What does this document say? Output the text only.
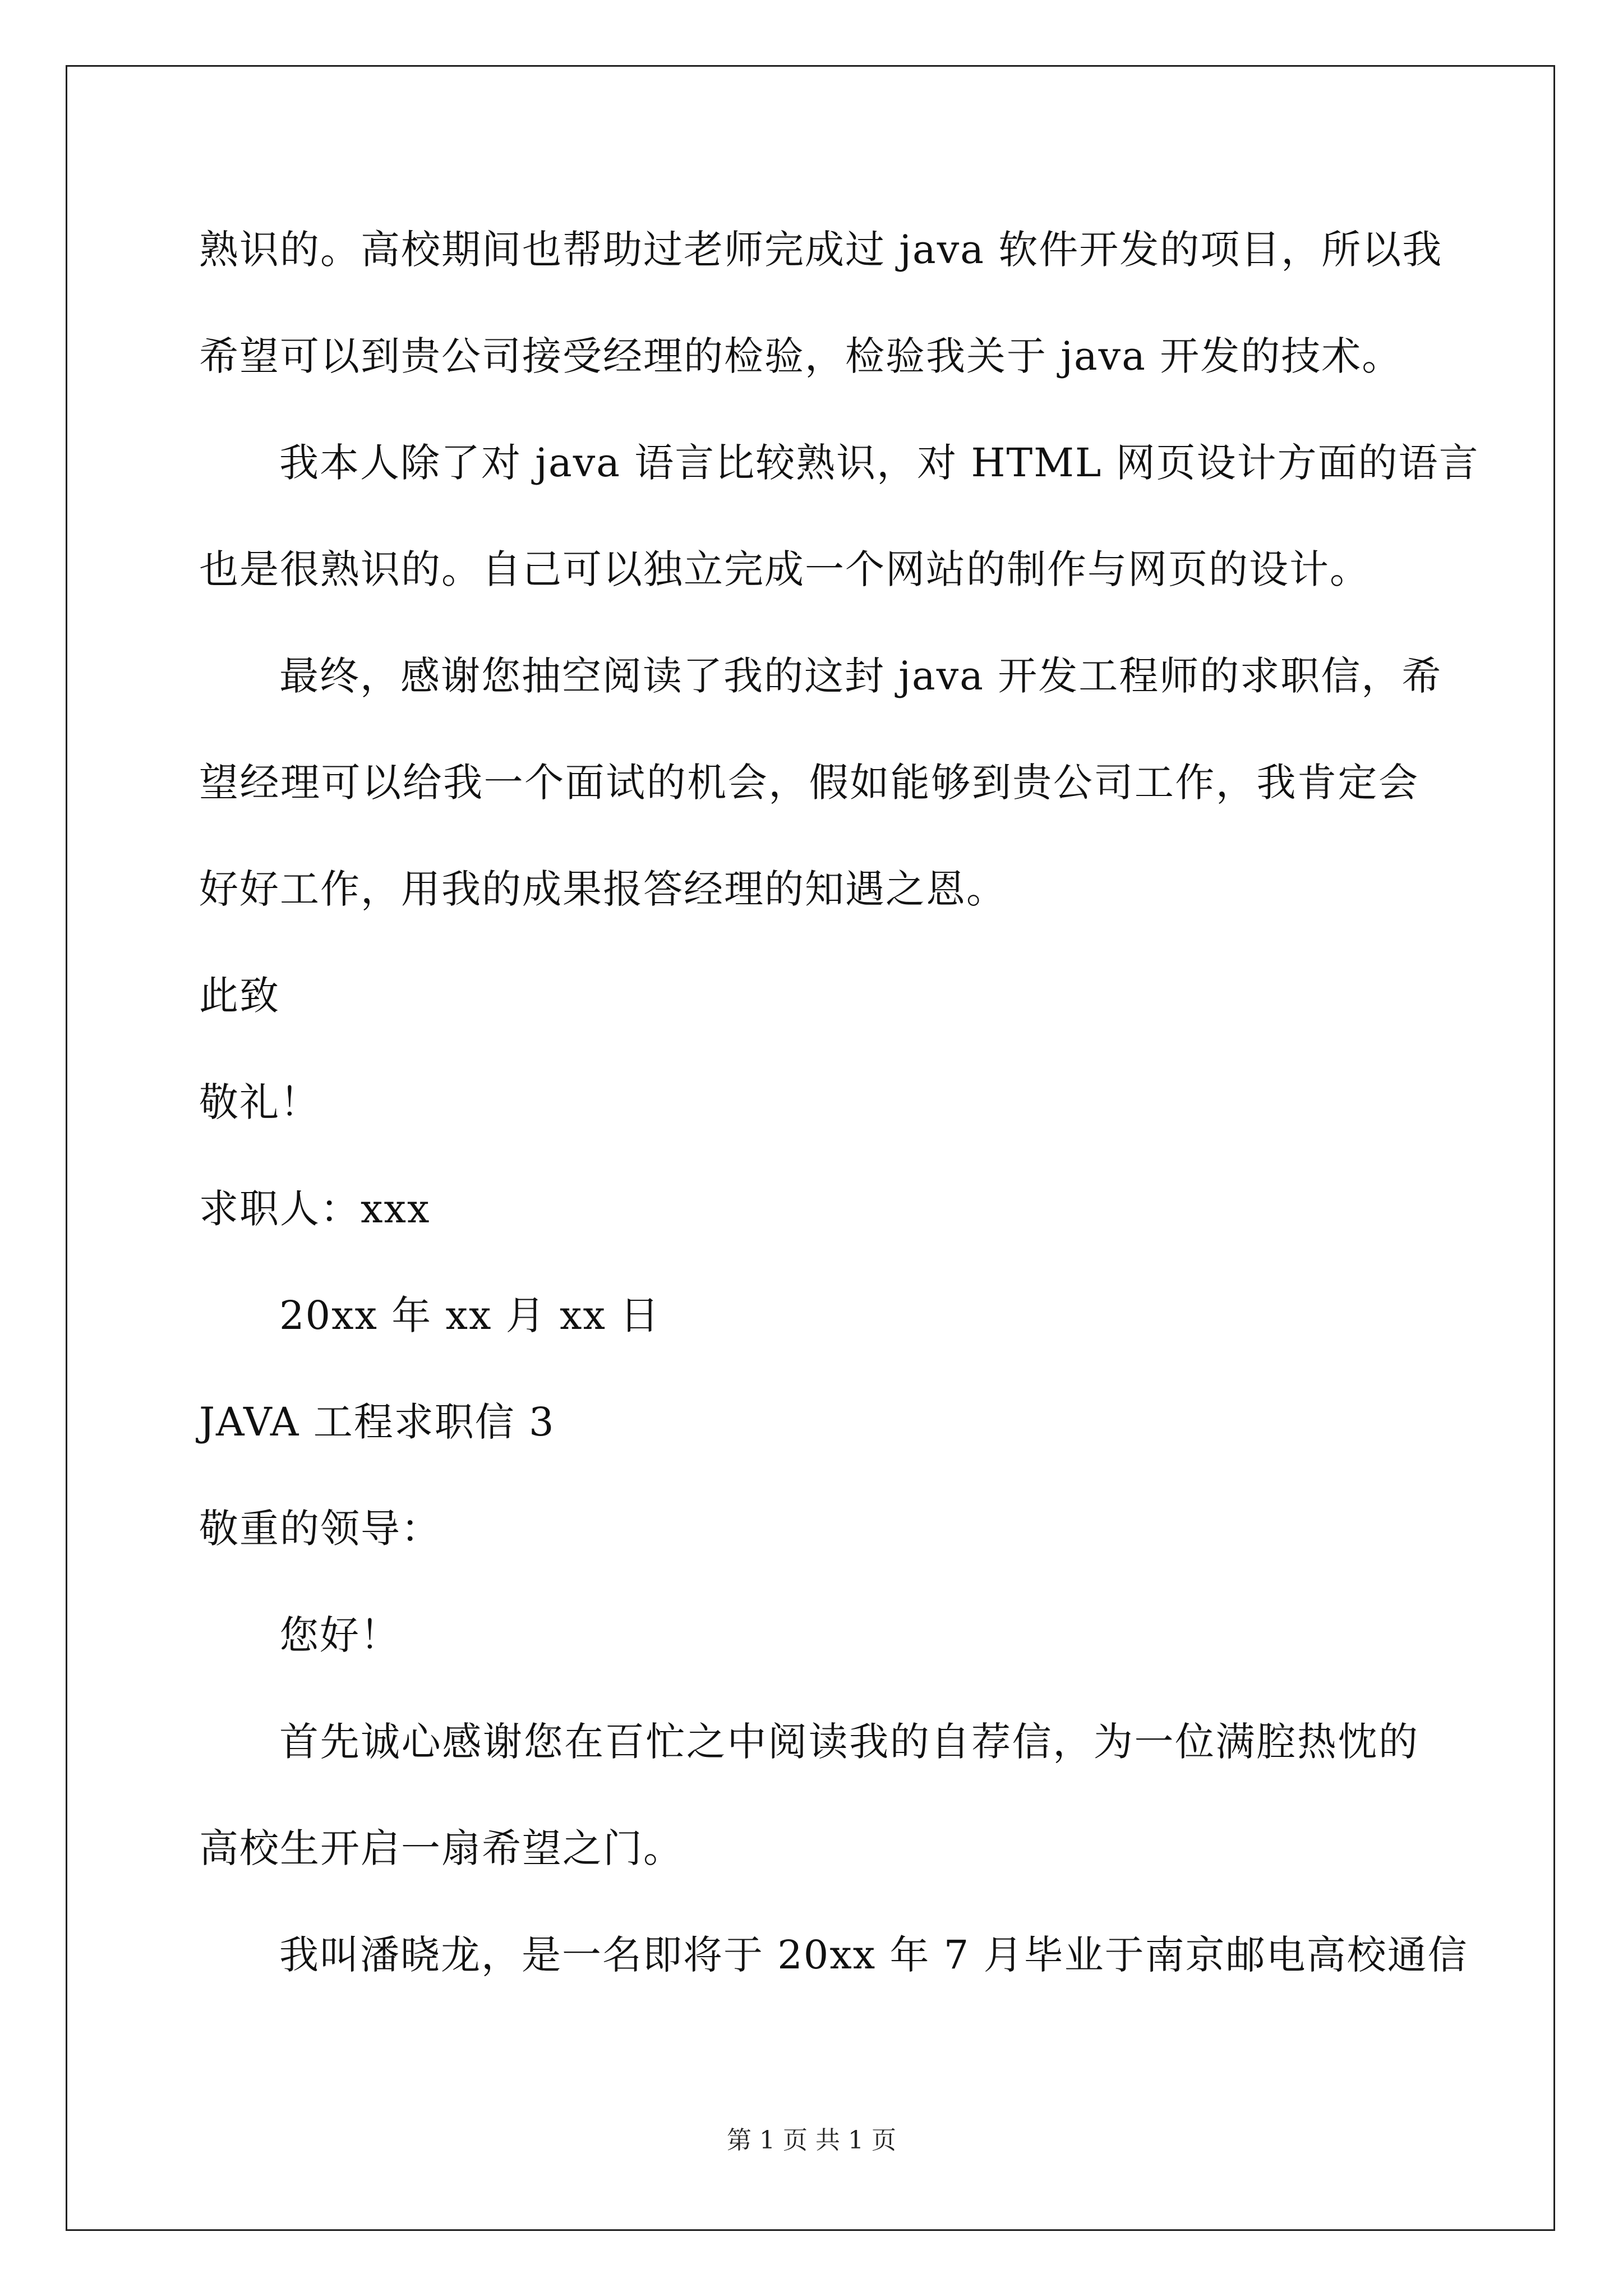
熟识的。高校期间也帮助过老师完成过 java 软件开发的项目，所以我
希望可以到贵公司接受经理的检验，检验我关于 java 开发的技术。
我本人除了对 java 语言比较熟识，对 HTML 网页设计方面的语言
也是很熟识的。自己可以独立完成一个网站的制作与网页的设计。
最终，感谢您抽空阅读了我的这封 java 开发工程师的求职信，希
望经理可以给我一个面试的机会，假如能够到贵公司工作，我肯定会
好好工作，用我的成果报答经理的知遇之恩。
此致
敬礼！
求职人：xxx
20xx 年 xx 月 xx 日
JAVA 工程求职信 3
敬重的领导：
您好！
首先诚心感谢您在百忙之中阅读我的自荐信，为一位满腔热忱的
高校生开启一扇希望之门。
我叫潘晓龙，是一名即将于 20xx 年 7 月毕业于南京邮电高校通信
第 1 页 共 1 页
